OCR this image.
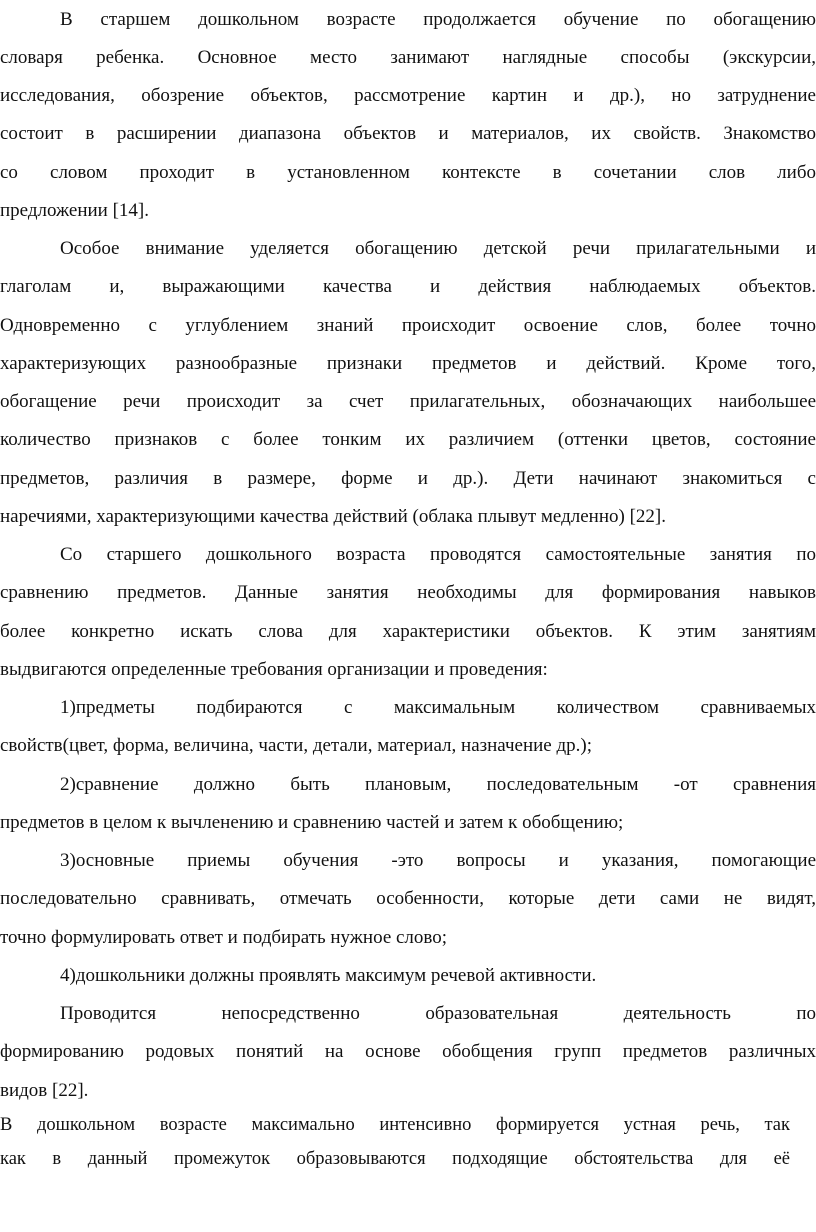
В старшем дошкольном возрасте продолжается обучение по обогащению
словаря ребенка. Основное место занимают наглядные способы (экскурсии,
исследования, обозрение объектов, рассмотрение картин и др.), но затруднение
состоит в расширении диапазона объектов и материалов, их свойств. Знакомство
со словом проходит в установленном контексте в сочетании слов либо
предложении [14].
Особое внимание уделяется обогащению детской речи прилагательными и
глаголам и, выражающими качества и действия наблюдаемых объектов.
Одновременно с углублением знаний происходит освоение слов, более точно
характеризующих разнообразные признаки предметов и действий. Кроме того,
обогащение речи происходит за счет прилагательных, обозначающих наибольшее
количество признаков с более тонким их различием (оттенки цветов, состояние
предметов, различия в размере, форме и др.). Дети начинают знакомиться с
наречиями, характеризующими качества действий (облака плывут медленно) [22].
Со старшего дошкольного возраста проводятся самостоятельные занятия по
сравнению предметов. Данные занятия необходимы для формирования навыков
более конкретно искать слова для характеристики объектов. К этим занятиям
выдвигаются определенные требования организации и проведения:
1)предметы подбираются с максимальным количеством сравниваемых
свойств(цвет, форма, величина, части, детали, материал, назначение др.);
2)сравнение должно быть плановым, последовательным -от сравнения
предметов в целом к вычленению и сравнению частей и затем к обобщению;
3)основные приемы обучения -это вопросы и указания, помогающие
последовательно сравнивать, отмечать особенности, которые дети сами не видят,
точно формулировать ответ и подбирать нужное слово;
4)дошкольники должны проявлять максимум речевой активности.
Проводится непосредственно образовательная деятельность по
формированию родовых понятий на основе обобщения групп предметов различных
видов [22].
В дошкольном возрасте максимально интенсивно формируется устная речь, так
как в данный промежуток образовываются подходящие обстоятельства для её
